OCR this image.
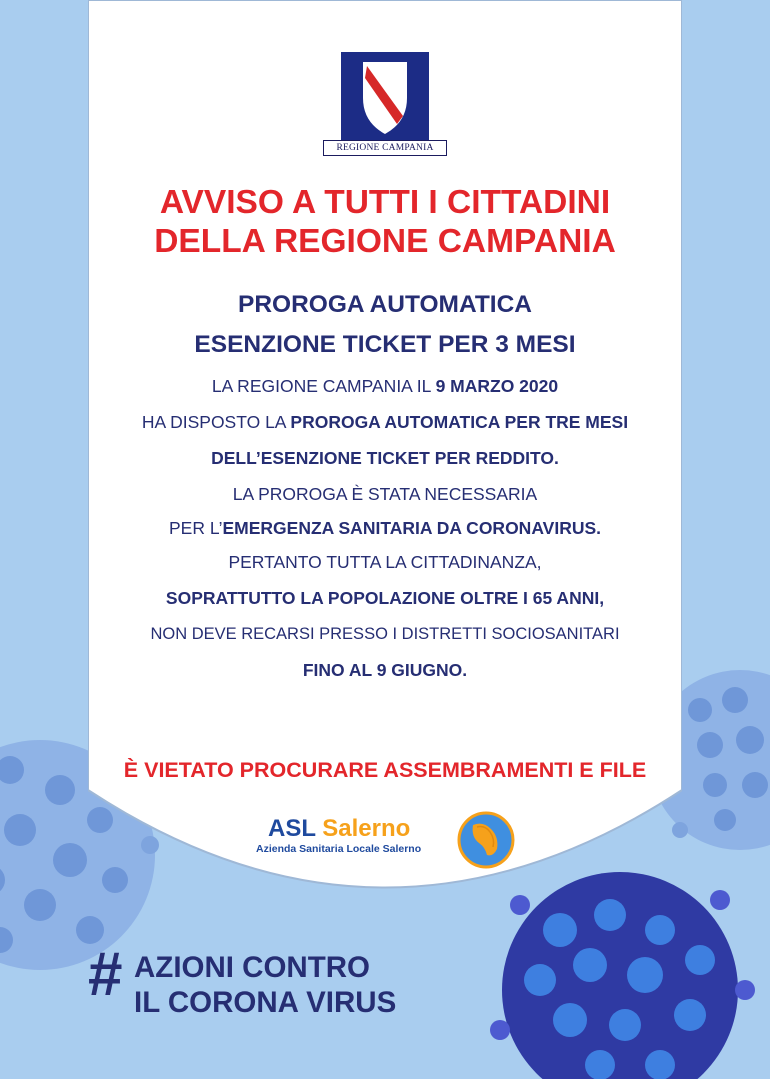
REGIONE CAMPANIA
AVVISO A TUTTI I CITTADINI
DELLA REGIONE CAMPANIA
PROROGA AUTOMATICA
ESENZIONE TICKET PER 3 MESI
LA REGIONE CAMPANIA IL 9 MARZO 2020
HA DISPOSTO LA PROROGA AUTOMATICA PER TRE MESI
DELL’ESENZIONE TICKET PER REDDITO.
LA PROROGA È STATA NECESSARIA
PER L’EMERGENZA SANITARIA DA CORONAVIRUS.
PERTANTO TUTTA LA CITTADINANZA,
SOPRATTUTTO LA POPOLAZIONE OLTRE I 65 ANNI,
NON DEVE RECARSI PRESSO I DISTRETTI SOCIOSANITARI
FINO AL 9 GIUGNO.
È VIETATO PROCURARE ASSEMBRAMENTI E FILE
ASL Salerno
Azienda Sanitaria Locale Salerno
# AZIONI CONTRO
IL CORONA VIRUS
